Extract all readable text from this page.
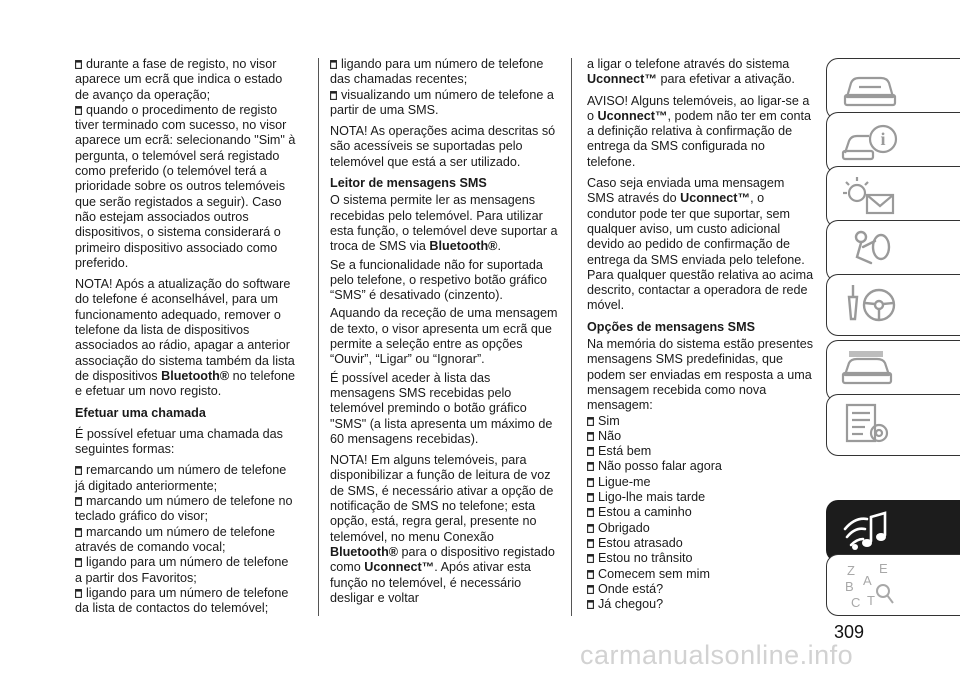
durante a fase de registo, no visor aparece um ecrã que indica o estado de avanço da operação;

quando o procedimento de registo tiver terminado com sucesso, no visor aparece um ecrã: selecionando "Sim" à pergunta, o telemóvel será registado como preferido (o telemóvel terá a prioridade sobre os outros telemóveis que serão registados a seguir). Caso não estejam associados outros dispositivos, o sistema considerará o primeiro dispositivo associado como preferido.

NOTA! Após a atualização do software do telefone é aconselhável, para um funcionamento adequado, remover o telefone da lista de dispositivos associados ao rádio, apagar a anterior associação do sistema também da lista de dispositivos Bluetooth® no telefone e efetuar um novo registo.

Efetuar uma chamada

É possível efetuar uma chamada das seguintes formas:

remarcando um número de telefone já digitado anteriormente;

marcando um número de telefone no teclado gráfico do visor;

marcando um número de telefone através de comando vocal;

ligando para um número de telefone a partir dos Favoritos;

ligando para um número de telefone da lista de contactos do telemóvel;

ligando para um número de telefone das chamadas recentes;

visualizando um número de telefone a partir de uma SMS.

NOTA! As operações acima descritas só são acessíveis se suportadas pelo telemóvel que está a ser utilizado.

Leitor de mensagens SMS

O sistema permite ler as mensagens recebidas pelo telemóvel. Para utilizar esta função, o telemóvel deve suportar a troca de SMS via Bluetooth®.

Se a funcionalidade não for suportada pelo telefone, o respetivo botão gráfico “SMS” é desativado (cinzento).

Aquando da receção de uma mensagem de texto, o visor apresenta um ecrã que permite a seleção entre as opções “Ouvir”, “Ligar” ou “Ignorar”.

É possível aceder à lista das mensagens SMS recebidas pelo telemóvel premindo o botão gráfico "SMS" (a lista apresenta um máximo de 60 mensagens recebidas).

NOTA! Em alguns telemóveis, para disponibilizar a função de leitura de voz de SMS, é necessário ativar a opção de notificação de SMS no telefone; esta opção, está, regra geral, presente no telemóvel, no menu Conexão Bluetooth® para o dispositivo registado como Uconnect™. Após ativar esta função no telemóvel, é necessário desligar e voltar

a ligar o telefone através do sistema Uconnect™ para efetivar a ativação.

AVISO! Alguns telemóveis, ao ligar-se a o Uconnect™, podem não ter em conta a definição relativa à confirmação de entrega da SMS configurada no telefone.

Caso seja enviada uma mensagem SMS através do Uconnect™, o condutor pode ter que suportar, sem qualquer aviso, um custo adicional devido ao pedido de confirmação de entrega da SMS enviada pelo telefone. Para qualquer questão relativa ao acima descrito, contactar a operadora de rede móvel.

Opções de mensagens SMS

Na memória do sistema estão presentes mensagens SMS predefinidas, que podem ser enviadas em resposta a uma mensagem recebida como nova mensagem:

Sim

Não

Está bem

Não posso falar agora

Ligue-me

Ligo-lhe mais tarde

Estou a caminho

Obrigado

Estou atrasado

Estou no trânsito

Comecem sem mim

Onde está?

Já chegou?

i
Z E
B A
C T
309
carmanualsonline.info
